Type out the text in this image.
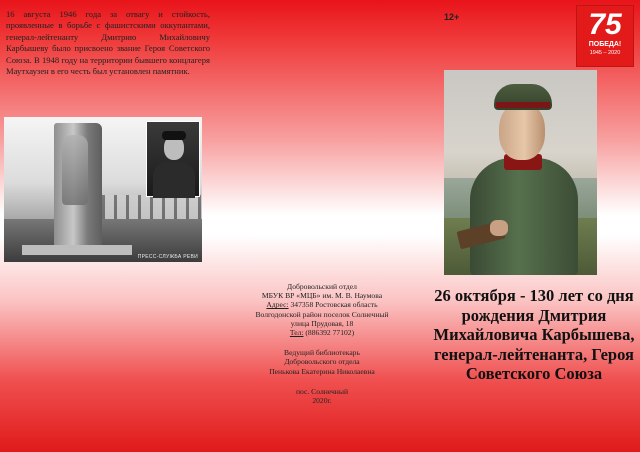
16 августа 1946 года за отвагу и стойкость, проявленные в борьбе с фашистскими оккупантами, генерал-лейтенанту Дмитрию Михайловичу Карбышеву было присвоено звание Героя Советского Союза. В 1948 году на территории бывшего концлагеря Маутхаузен в его честь был установлен памятник.
ПРЕСС-СЛУЖБА РЕВИ
Добровольский отдел
МБУК ВР «МЦБ» им. М. В. Наумова
Адрес: 347358 Ростовская область
Волгодонской район поселок Солнечный
улица Прудовая, 18
Тел: (886392 77102)
Ведущий библиотекарь
Добровольского отдела
Пенькова Екатерина Николаевна
пос. Солнечный
2020г.
12+	75
ПОБЕДА!
1945 – 2020
26 октября - 130 лет со дня рождения Дмитрия Михайловича Карбышева, генерал-лейтенанта, Героя Советского Союза
